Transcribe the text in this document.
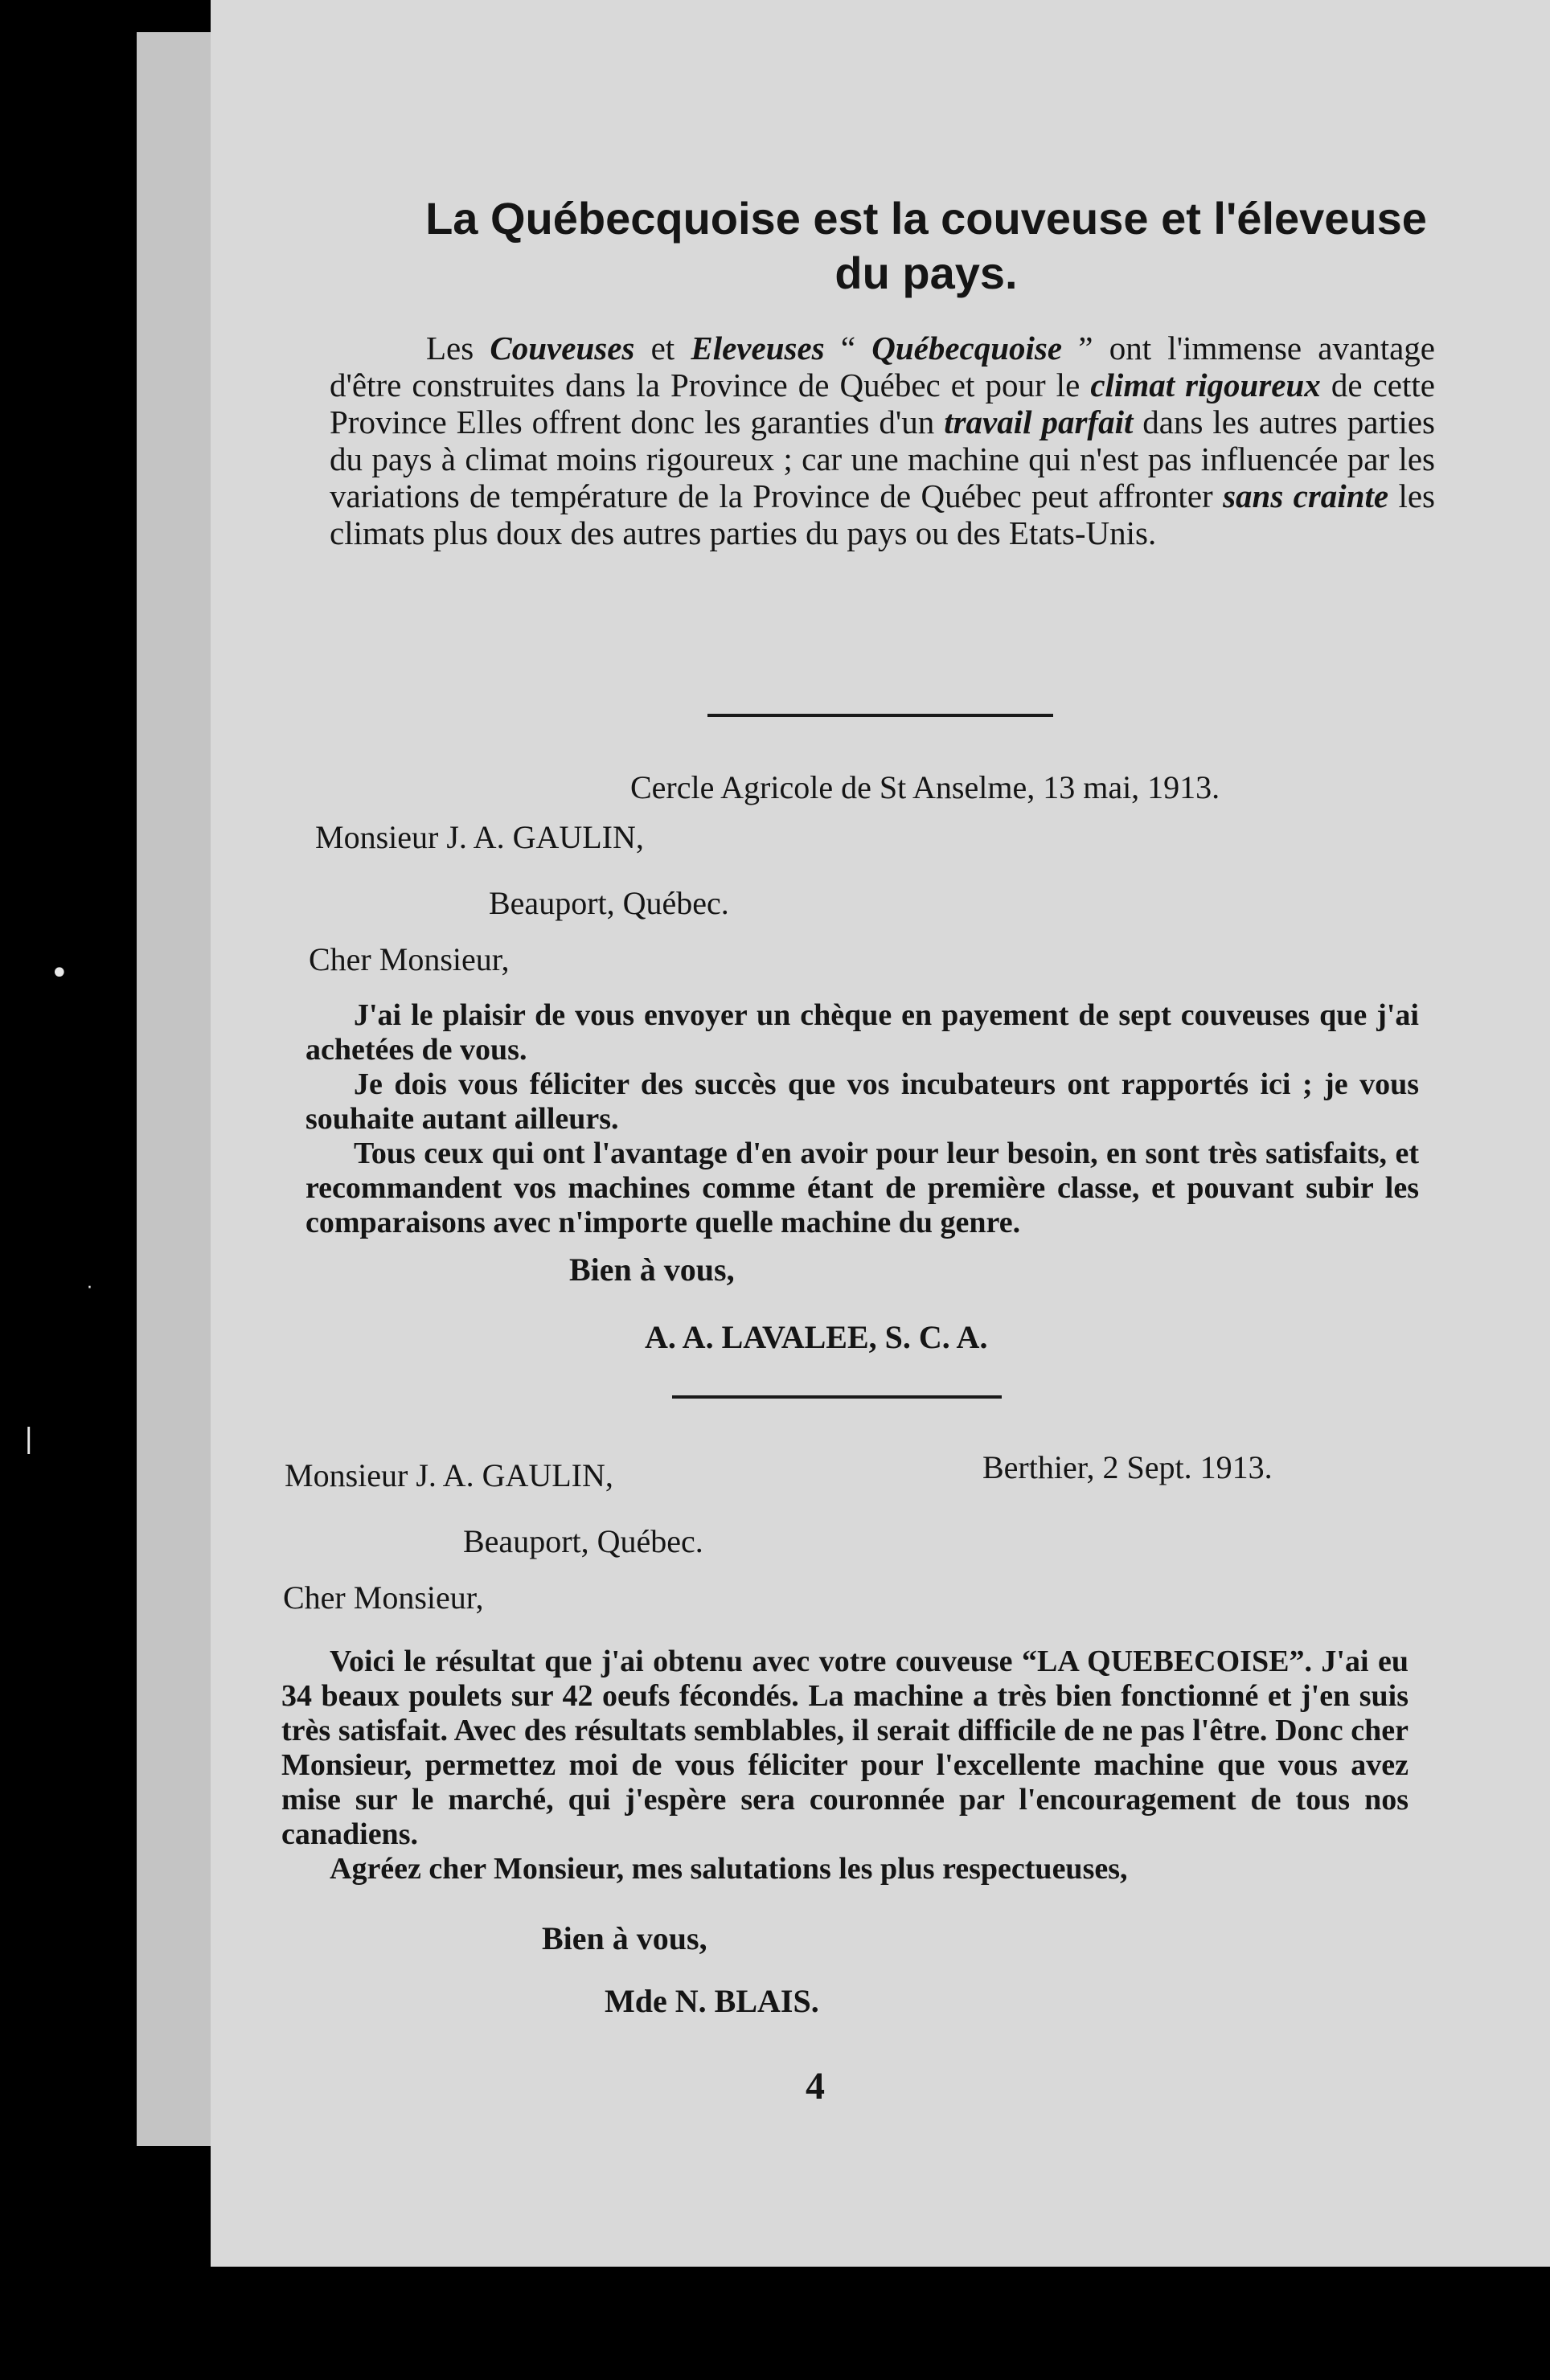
La Québecquoise est la couveuse et l'éleveuse
du pays.

Les Couveuses et Eleveuses “ Québecquoise ” ont l'immense avantage d'être construites dans la Province de Québec et pour le climat rigoureux de cette Province Elles offrent donc les garanties d'un travail parfait dans les autres parties du pays à climat moins rigoureux ; car une machine qui n'est pas influencée par les variations de température de la Province de Québec peut affronter sans crainte les climats plus doux des autres parties du pays ou des Etats-Unis.

Cercle Agricole de St Anselme, 13 mai, 1913.
Monsieur J. A. GAULIN,
Beauport, Québec.
Cher Monsieur,

J'ai le plaisir de vous envoyer un chèque en payement de sept couveuses que j'ai achetées de vous.

Je dois vous féliciter des succès que vos incubateurs ont rapportés ici ; je vous souhaite autant ailleurs.

Tous ceux qui ont l'avantage d'en avoir pour leur besoin, en sont très satisfaits, et recommandent vos machines comme étant de première classe, et pouvant subir les comparaisons avec n'importe quelle machine du genre.

Bien à vous,
A. A. LAVALEE, S. C. A.
Monsieur J. A. GAULIN,	Berthier, 2 Sept. 1913.
Beauport, Québec.
Cher Monsieur,

Voici le résultat que j'ai obtenu avec votre couveuse “LA QUEBECOISE”. J'ai eu 34 beaux poulets sur 42 oeufs fécondés. La machine a très bien fonctionné et j'en suis très satisfait. Avec des résultats semblables, il serait difficile de ne pas l'être. Donc cher Monsieur, permettez moi de vous féliciter pour l'excellente machine que vous avez mise sur le marché, qui j'espère sera couronnée par l'encouragement de tous nos canadiens.

Agréez cher Monsieur, mes salutations les plus respectueuses,

Bien à vous,
Mde N. BLAIS.
4
•
|
·
